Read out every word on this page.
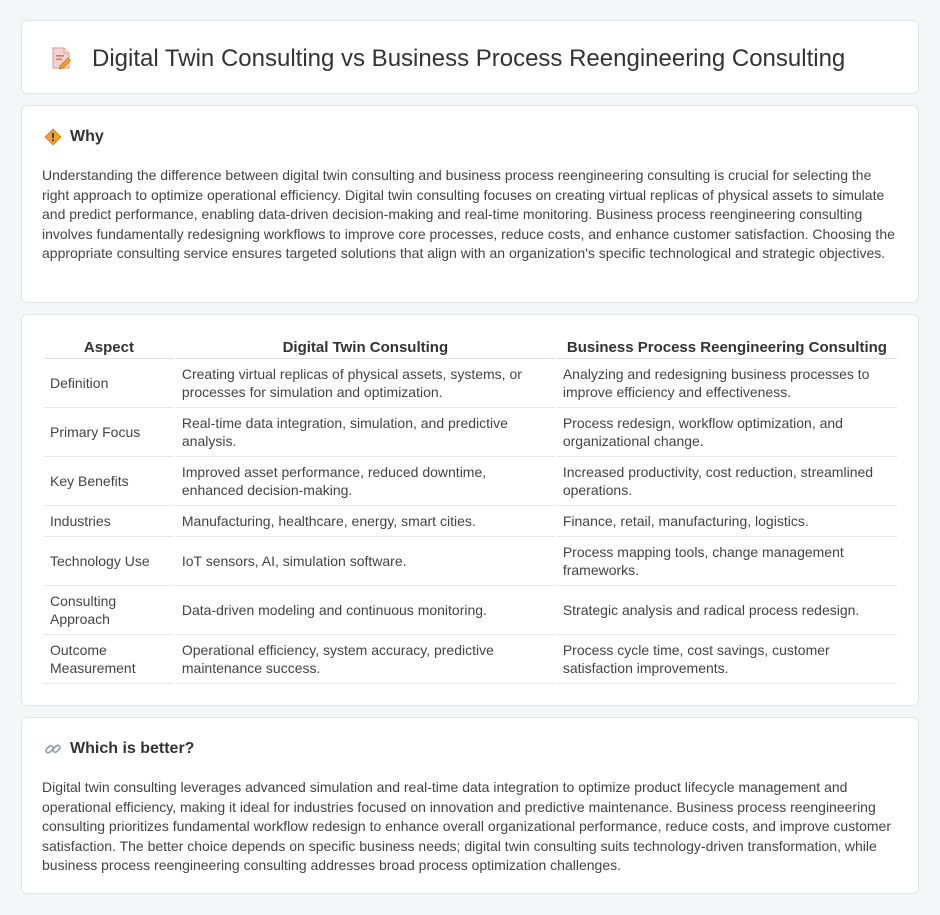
Digital Twin Consulting vs Business Process Reengineering Consulting
Why

Understanding the difference between digital twin consulting and business process reengineering consulting is crucial for selecting the right approach to optimize operational efficiency. Digital twin consulting focuses on creating virtual replicas of physical assets to simulate and predict performance, enabling data-driven decision-making and real-time monitoring. Business process reengineering consulting involves fundamentally redesigning workflows to improve core processes, reduce costs, and enhance customer satisfaction. Choosing the appropriate consulting service ensures targeted solutions that align with an organization's specific technological and strategic objectives.

Aspect	Digital Twin Consulting	Business Process Reengineering Consulting
Definition	Creating virtual replicas of physical assets, systems, or processes for simulation and optimization.	Analyzing and redesigning business processes to improve efficiency and effectiveness.
Primary Focus	Real-time data integration, simulation, and predictive analysis.	Process redesign, workflow optimization, and organizational change.
Key Benefits	Improved asset performance, reduced downtime, enhanced decision-making.	Increased productivity, cost reduction, streamlined operations.
Industries	Manufacturing, healthcare, energy, smart cities.	Finance, retail, manufacturing, logistics.
Technology Use	IoT sensors, AI, simulation software.	Process mapping tools, change management frameworks.
Consulting Approach	Data-driven modeling and continuous monitoring.	Strategic analysis and radical process redesign.
Outcome Measurement	Operational efficiency, system accuracy, predictive maintenance success.	Process cycle time, cost savings, customer satisfaction improvements.
Which is better?

Digital twin consulting leverages advanced simulation and real-time data integration to optimize product lifecycle management and operational efficiency, making it ideal for industries focused on innovation and predictive maintenance. Business process reengineering consulting prioritizes fundamental workflow redesign to enhance overall organizational performance, reduce costs, and improve customer satisfaction. The better choice depends on specific business needs; digital twin consulting suits technology-driven transformation, while business process reengineering consulting addresses broad process optimization challenges.
